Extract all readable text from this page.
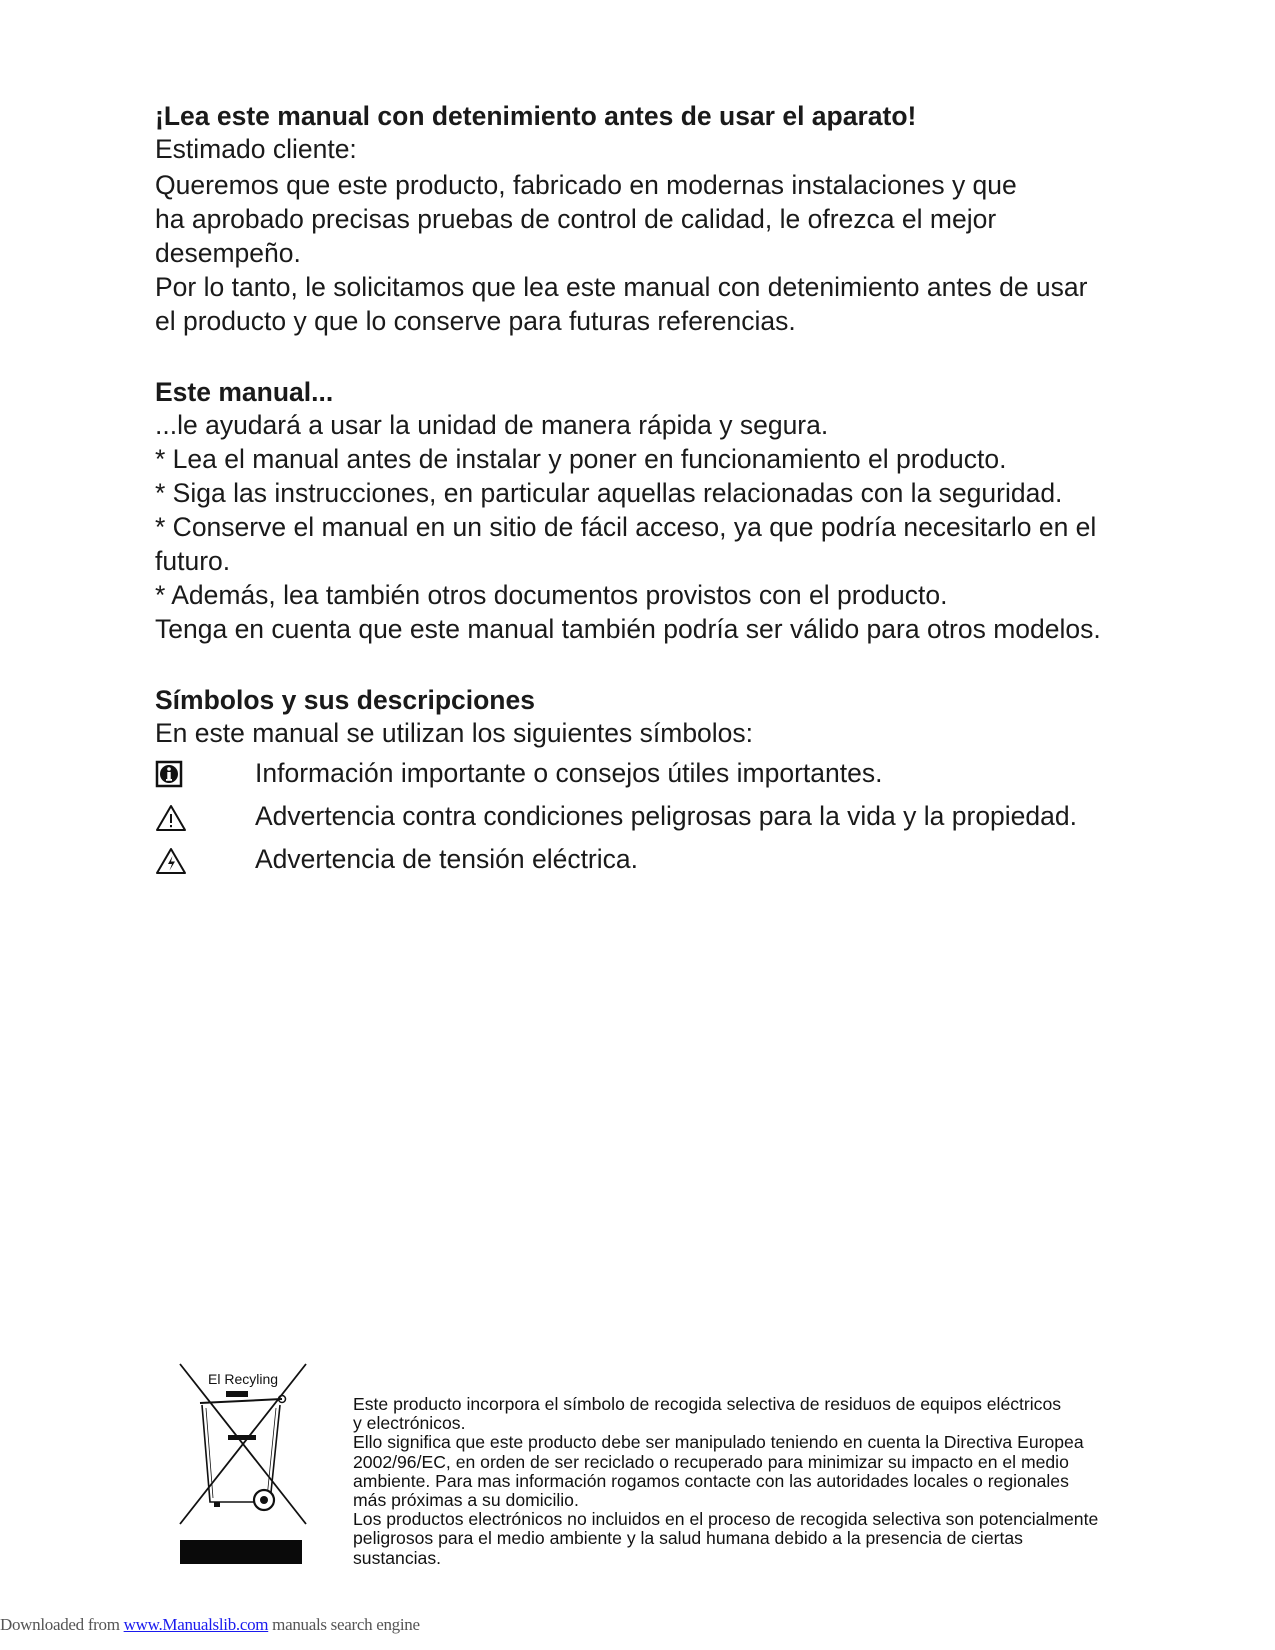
¡Lea este manual con detenimiento antes de usar el aparato!

Estimado cliente:

Queremos que este producto, fabricado en modernas instalaciones y que

ha aprobado precisas pruebas de control de calidad, le ofrezca el mejor

desempeño.

Por lo tanto, le solicitamos que lea este manual con detenimiento antes de usar

el producto y que lo conserve para futuras referencias.

Este manual...

...le ayudará a usar la unidad de manera rápida y segura.

* Lea el manual antes de instalar y poner en funcionamiento el producto.

* Siga las instrucciones, en particular aquellas relacionadas con la seguridad.

* Conserve el manual en un sitio de fácil acceso, ya que podría necesitarlo en el

futuro.

* Además, lea también otros documentos provistos con el producto.

Tenga en cuenta que este manual también podría ser válido para otros modelos.

Símbolos y sus descripciones

En este manual se utilizan los siguientes símbolos:

Información importante o consejos útiles importantes.
Advertencia contra condiciones peligrosas para la vida y la propiedad.
Advertencia de tensión eléctrica.
El Recyling

Este producto incorpora el símbolo de recogida selectiva de residuos de equipos eléctricos

y electrónicos.

Ello significa que este producto debe ser manipulado teniendo en cuenta la Directiva Europea

2002/96/EC, en orden de ser reciclado o recuperado para minimizar su impacto en el medio

ambiente. Para mas información rogamos contacte con las autoridades locales o regionales

más próximas a su domicilio.

Los productos electrónicos no incluidos en el proceso de recogida selectiva son potencialmente

peligrosos para el medio ambiente y la salud humana debido a la presencia de ciertas

sustancias.

Downloaded from www.Manualslib.com manuals search engine
